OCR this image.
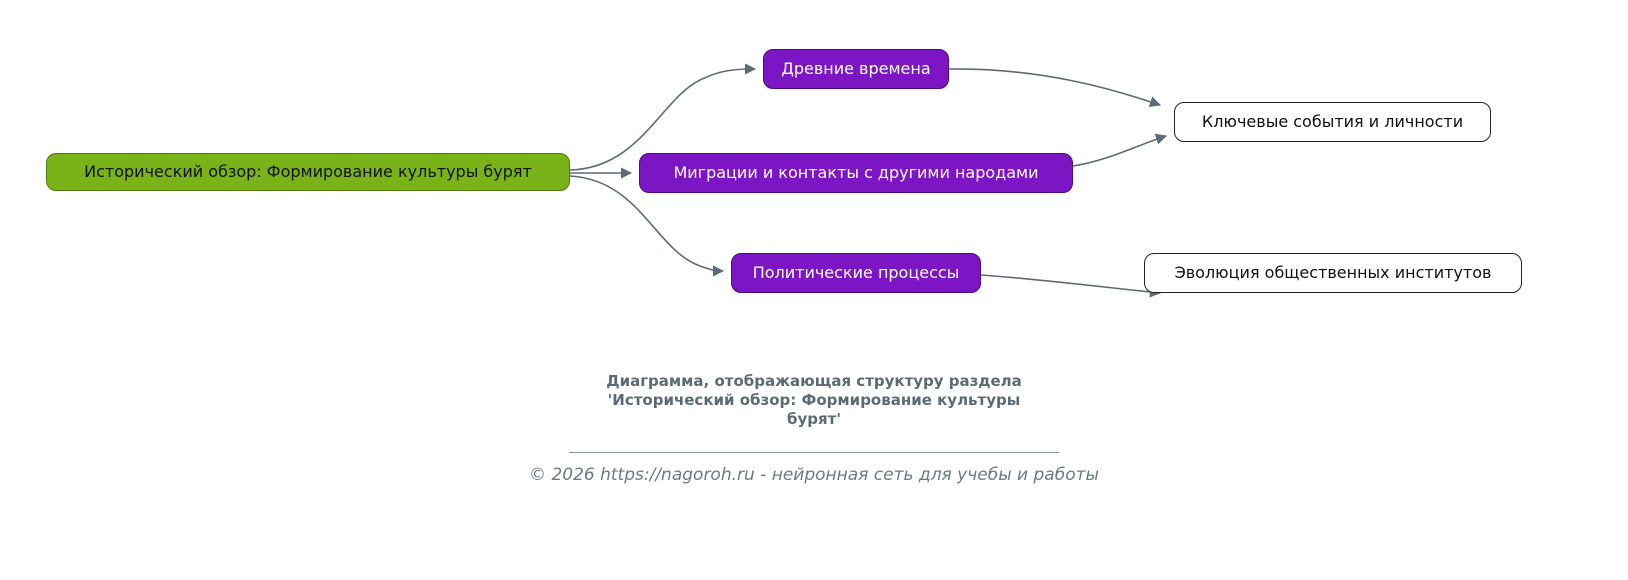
Исторический обзор: Формирование культуры бурят
Древние времена
Миграции и контакты с другими народами
Политические процессы
Ключевые события и личности
Эволюция общественных институтов
Диаграмма, отображающая структуру раздела
'Исторический обзор: Формирование культуры
бурят'
© 2026 https://nagoroh.ru - нейронная сеть для учебы и работы
